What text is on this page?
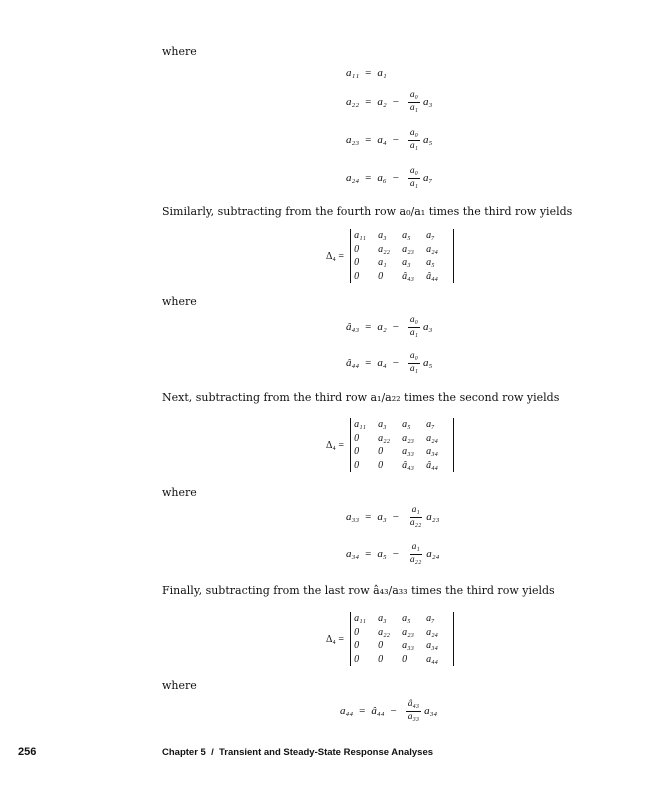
where
a₁₁ = a₁
$a_{22} = a_2 - \frac{\text{a₀}}{\text{a₁}} a_3$
$a_{23} = a_4 - \frac{\text{a₀}}{\text{a₁}} a_5$
$a_{24} = a_6 - \frac{\text{a₀}}{\text{a₁}} a_7$
Similarly, subtracting from the fourth row a₀/a₁ times the third row yields
Δ₄ =
a₁₁	a₃	a₅	a₇
0	a₂₂	a₂₃	a₂₄
0	a₁	a₃	a₅
0	0	â₄₃	â₄₄
where
â₄₃ = $a_2 - \frac{\text{a₀}}{\text{a₁}} a_3$
â₄₄ = $a_4 - \frac{\text{a₀}}{\text{a₁}} a_5$
Next, subtracting from the third row a₁/a₂₂ times the second row yields
Δ₄ =
a₁₁	a₃	a₅	a₇
0	a₂₂	a₂₃	a₂₄
0	0	a₃₃	a₃₄
0	0	â₄₃	â₄₄
where
$a_{33} = a_3 - \frac{\text{a₁}}{\text{a₂₂}} a_{23}$
$a_{34} = a_5 - \frac{\text{a₁}}{\text{a₂₂}} a_{24}$
Finally, subtracting from the last row â₄₃/a₃₃ times the third row yields
Δ₄ =
a₁₁	a₃	a₅	a₇
0	a₂₂	a₂₃	a₂₄
0	0	a₃₃	a₃₄
0	0	0	a₄₄
where
a₄₄ = â₄₄ − $\frac{\text{â₄₃}}{\text{a₃₃}} a_{34}$
256	Chapter 5  /  Transient and Steady-State Response Analyses
